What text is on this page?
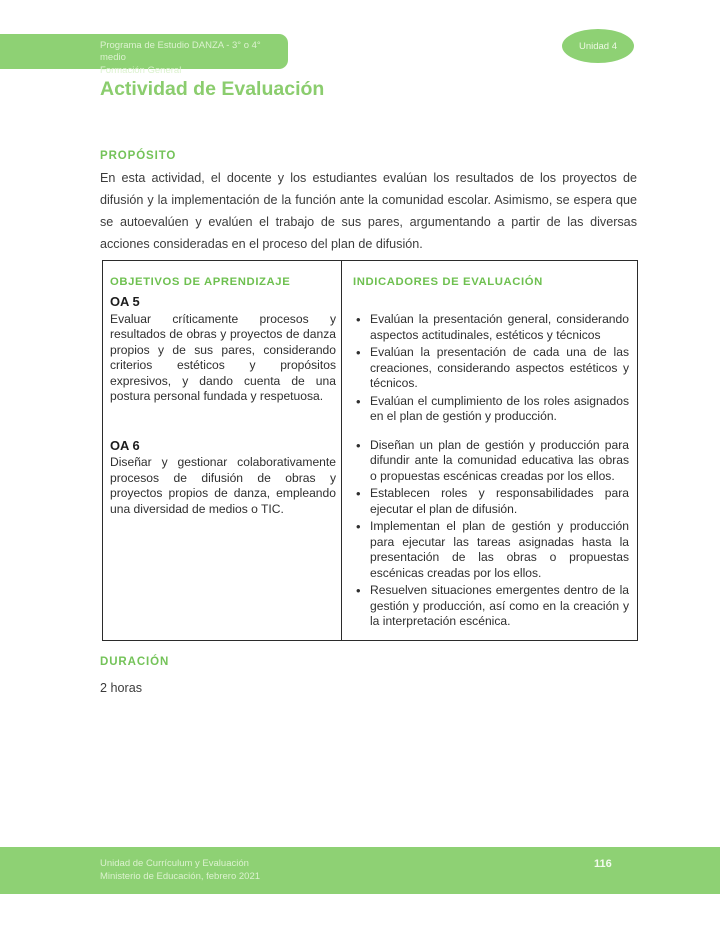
Programa de Estudio DANZA - 3° o 4° medio
Formación General
Unidad 4
Actividad de Evaluación
PROPÓSITO

En esta actividad, el docente y los estudiantes evalúan los resultados de los proyectos de difusión y la implementación de la función ante la comunidad escolar. Asimismo, se espera que se autoevalúen y evalúen el trabajo de sus pares, argumentando a partir de las diversas acciones consideradas en el proceso del plan de difusión.

OBJETIVOS DE APRENDIZAJE	INDICADORES DE EVALUACIÓN
OA 5

Evaluar críticamente procesos y resultados de obras y proyectos de danza propios y de sus pares, considerando criterios estéticos y propósitos expresivos, y dando cuenta de una postura personal fundada y respetuosa.

• Evalúan la presentación general, considerando aspectos actitudinales, estéticos y técnicos
• Evalúan la presentación de cada una de las creaciones, considerando aspectos estéticos y técnicos.
• Evalúan el cumplimiento de los roles asignados en el plan de gestión y producción.
OA 6

Diseñar y gestionar colaborativamente procesos de difusión de obras y proyectos propios de danza, empleando una diversidad de medios o TIC.

• Diseñan un plan de gestión y producción para difundir ante la comunidad educativa las obras o propuestas escénicas creadas por los ellos.
• Establecen roles y responsabilidades para ejecutar el plan de difusión.
• Implementan el plan de gestión y producción para ejecutar las tareas asignadas hasta la presentación de las obras o propuestas escénicas creadas por los ellos.
• Resuelven situaciones emergentes dentro de la gestión y producción, así como en la creación y la interpretación escénica.
DURACIÓN

2 horas

Unidad de Currículum y Evaluación
Ministerio de Educación, febrero 2021
116
